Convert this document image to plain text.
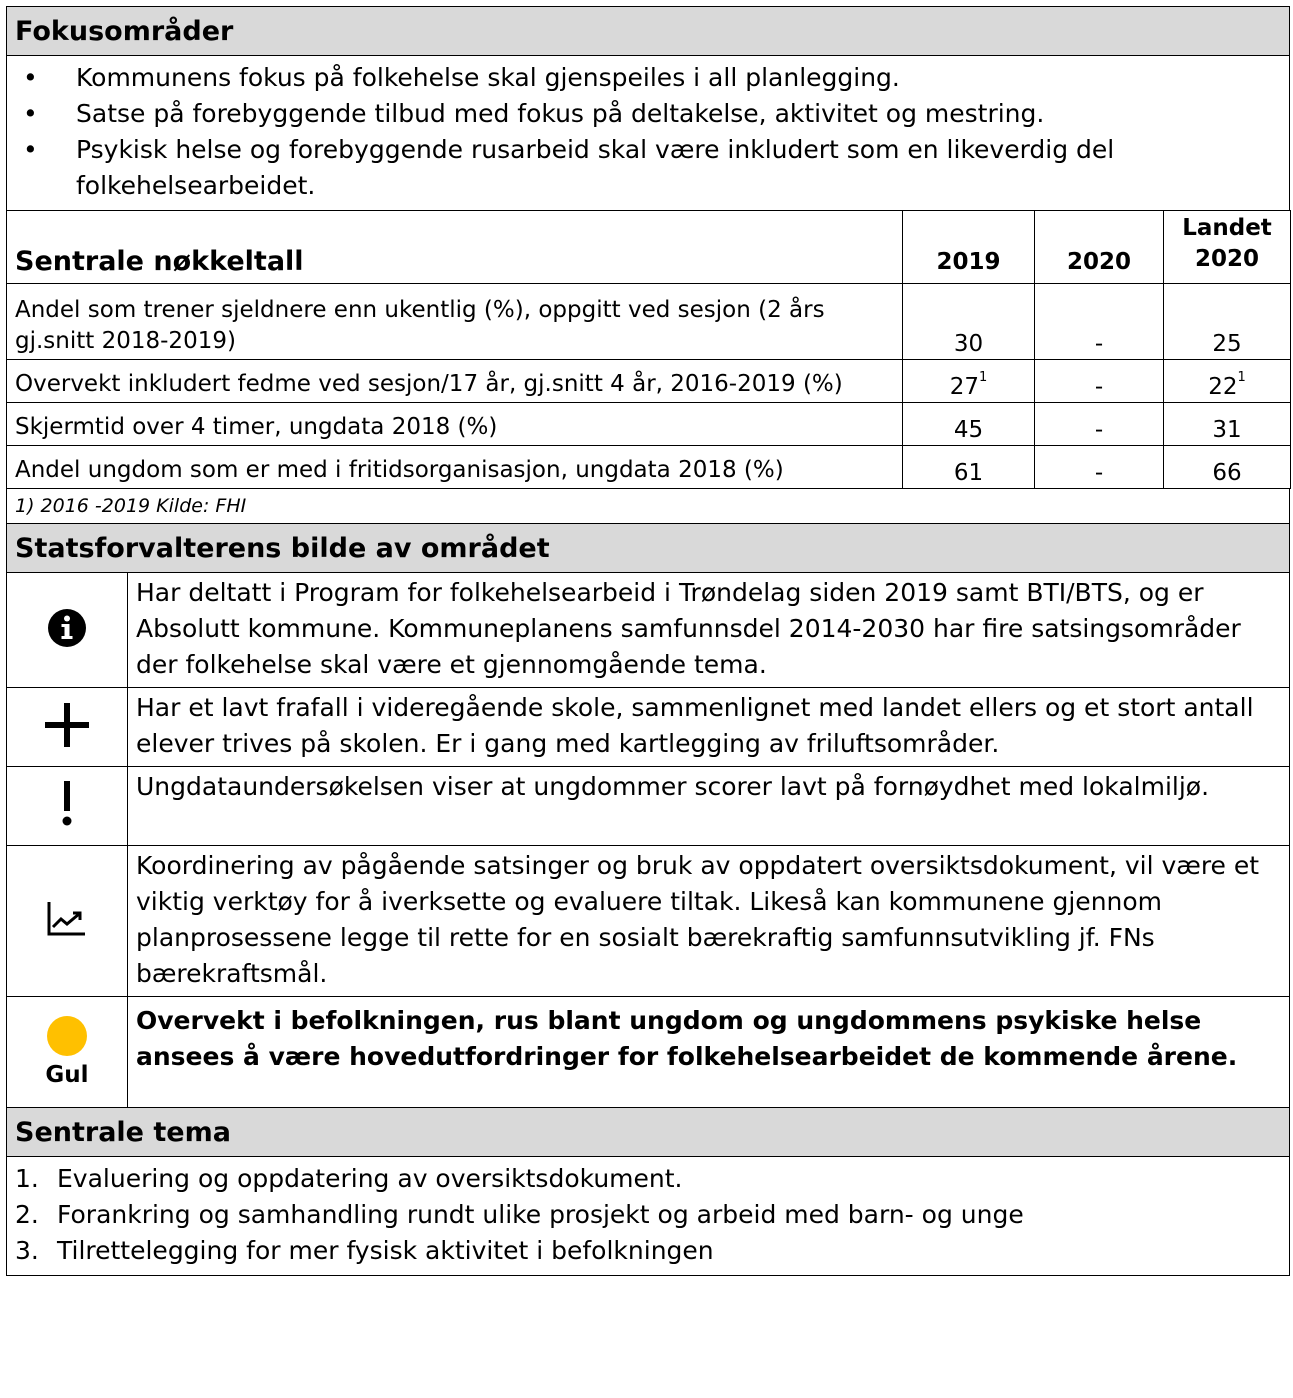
Fokusområder
• Kommunens fokus på folkehelse skal gjenspeiles i all planlegging.
• Satse på forebyggende tilbud med fokus på deltakelse, aktivitet og mestring.
• Psykisk helse og forebyggende rusarbeid skal være inkludert som en likeverdig del folkehelsearbeidet.
Sentrale nøkkeltall	2019	2020	Landet
2020

Andel som trener sjeldnere enn ukentlig (%), oppgitt ved sesjon (2 års gj.snitt 2018-2019)	30	-	25
Overvekt inkludert fedme ved sesjon/17 år, gj.snitt 4 år, 2016-2019 (%)	$27^1$	-	$22^1$
Skjermtid over 4 timer, ungdata 2018 (%)	45	-	31
Andel ungdom som er med i fritidsorganisasjon, ungdata 2018 (%)	61	-	66
1) 2016 -2019 Kilde: FHI
Statsforvalterens bilde av området
Har deltatt i Program for folkehelsearbeid i Trøndelag siden 2019 samt BTI/BTS, og er Absolutt kommune. Kommuneplanens samfunnsdel 2014-2030 har fire satsingsområder der folkehelse skal være et gjennomgående tema.
Har et lavt frafall i videregående skole, sammenlignet med landet ellers og et stort antall elever trives på skolen. Er i gang med kartlegging av friluftsområder.
Ungdataundersøkelsen viser at ungdommer scorer lavt på fornøydhet med lokalmiljø.
Koordinering av pågående satsinger og bruk av oppdatert oversiktsdokument, vil være et viktig verktøy for å iverksette og evaluere tiltak. Likeså kan kommunene gjennom planprosessene legge til rette for en sosialt bærekraftig samfunnsutvikling jf. FNs bærekraftsmål.
Gul
Overvekt i befolkningen, rus blant ungdom og ungdommens psykiske helse ansees å være hovedutfordringer for folkehelsearbeidet de kommende årene.
Sentrale tema
1. Evaluering og oppdatering av oversiktsdokument.
2. Forankring og samhandling rundt ulike prosjekt og arbeid med barn- og unge
3. Tilrettelegging for mer fysisk aktivitet i befolkningen
